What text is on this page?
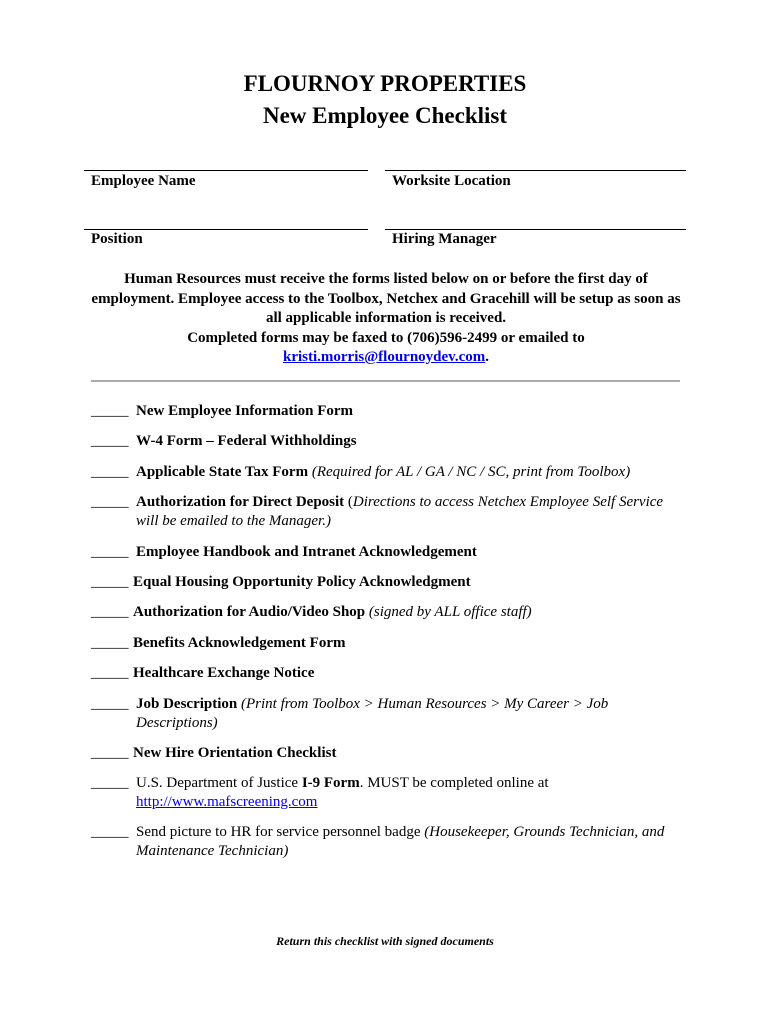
FLOURNOY PROPERTIES
New Employee Checklist
Employee Name	Worksite Location
Position	Hiring Manager
Human Resources must receive the forms listed below on or before the first day of employment. Employee access to the Toolbox, Netchex and Gracehill will be setup as soon as all applicable information is received.
Completed forms may be faxed to (706)596-2499 or emailed to
kristi.morris@flournoydev.com.
_____ New Employee Information Form
_____ W-4 Form – Federal Withholdings
_____ Applicable State Tax Form (Required for AL / GA / NC / SC, print from Toolbox)
_____ Authorization for Direct Deposit (Directions to access Netchex Employee Self Service will be emailed to the Manager.)
_____ Employee Handbook and Intranet Acknowledgement
_____ Equal Housing Opportunity Policy Acknowledgment
_____ Authorization for Audio/Video Shop (signed by ALL office staff)
_____ Benefits Acknowledgement Form
_____ Healthcare Exchange Notice
_____ Job Description (Print from Toolbox > Human Resources > My Career > Job Descriptions)
_____ New Hire Orientation Checklist
_____ U.S. Department of Justice I-9 Form. MUST be completed online at
http://www.mafscreening.com
_____ Send picture to HR for service personnel badge (Housekeeper, Grounds Technician, and Maintenance Technician)
Return this checklist with signed documents
